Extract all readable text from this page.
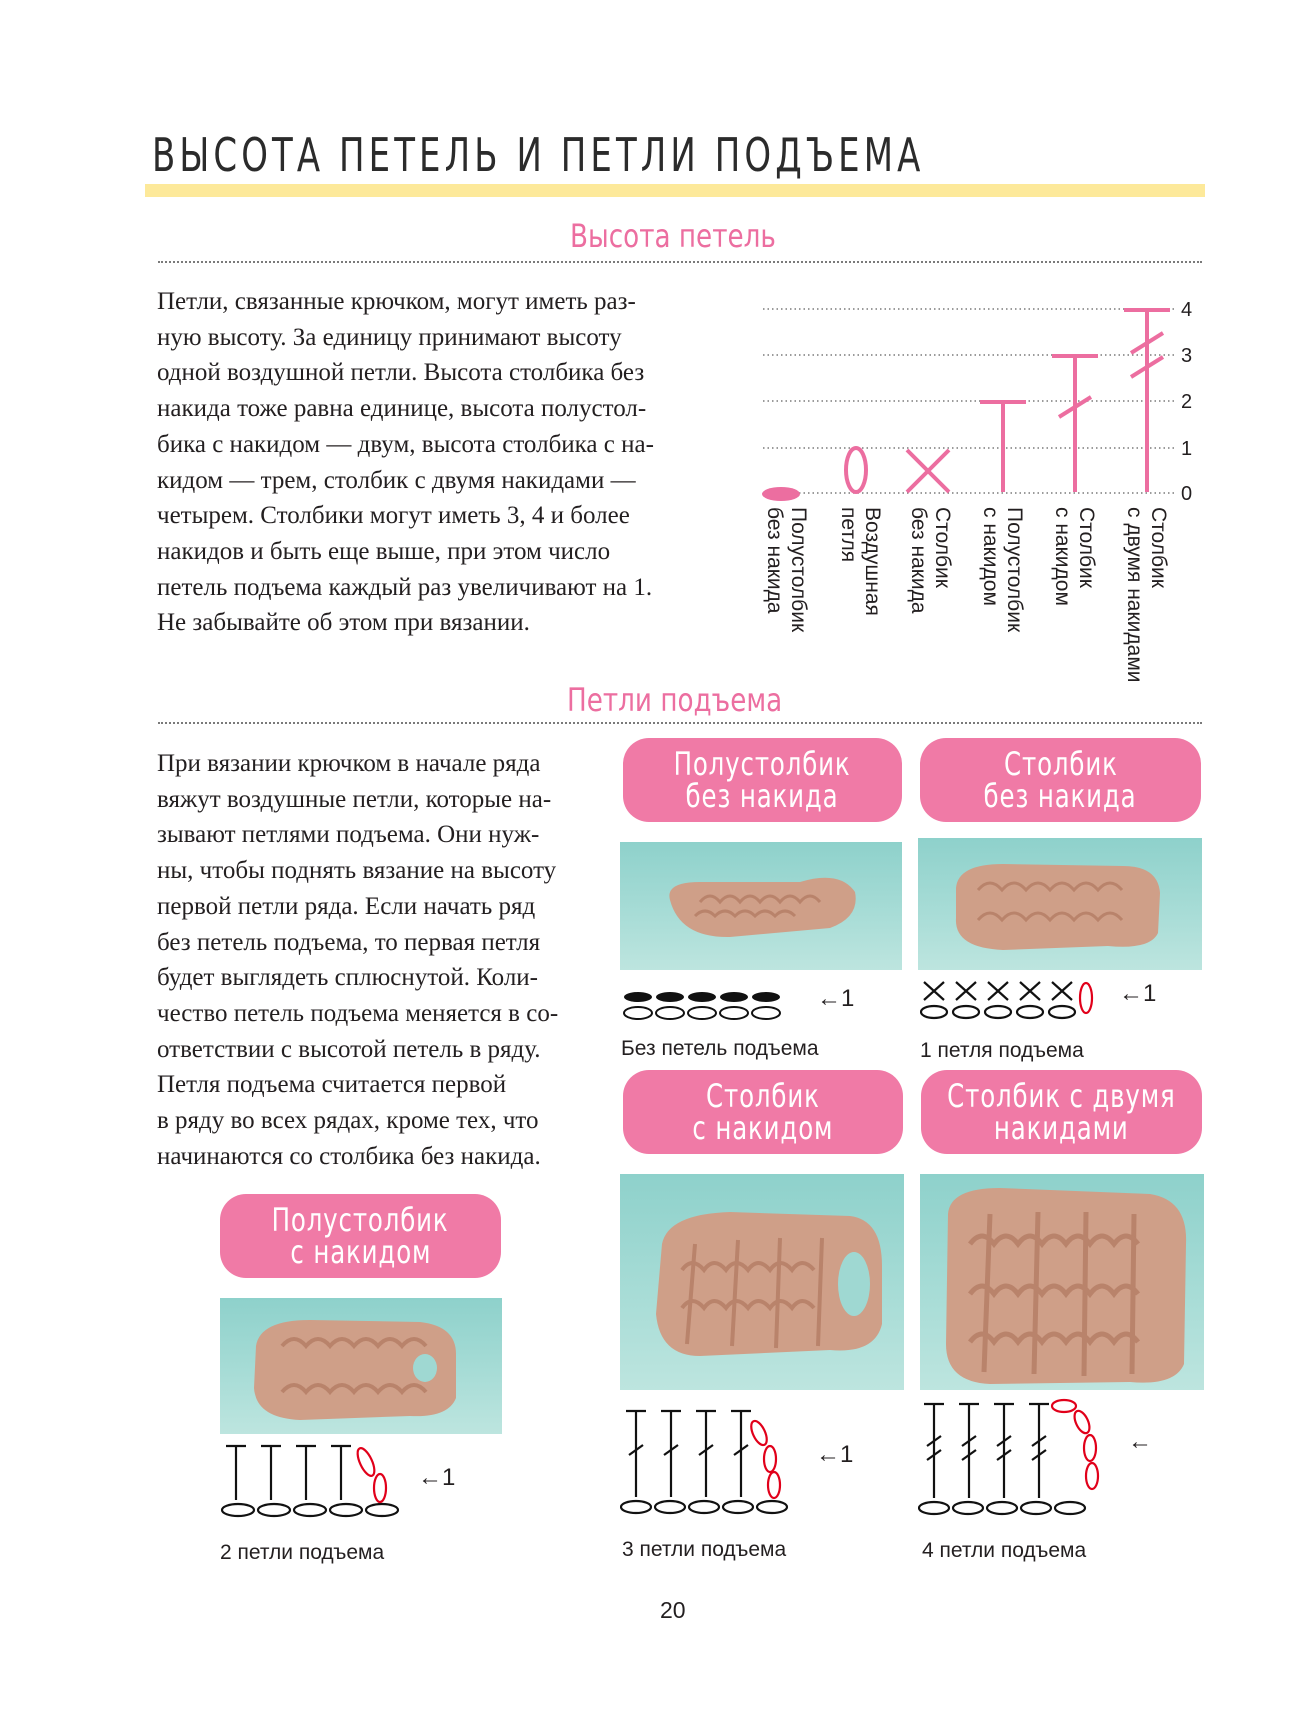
ВЫСОТА ПЕТЕЛЬ И ПЕТЛИ ПОДЪЕМА
Высота петель

Петли, связанные крючком, могут иметь раз-

ную высоту. За единицу принимают высоту

одной воздушной петли. Высота столбика без

накида тоже равна единице, высота полустол-

бика с накидом — двум, высота столбика с на-

кидом — трем, столбик с двумя накидами —

четырем. Столбики могут иметь 3, 4 и более

накидов и быть еще выше, при этом число

петель подъема каждый раз увеличивают на 1.

Не забывайте об этом при вязании.

0
1
2
3
4
Полустолбик
без накида	Воздушная
петля	Столбик
без накида	Полустолбик
с накидом	Столбик
с накидом	Столбик
с двумя накидами
Петли подъема

При вязании крючком в начале ряда

вяжут воздушные петли, которые на-

зывают петлями подъема. Они нуж-

ны, чтобы поднять вязание на высоту

первой петли ряда. Если начать ряд

без петель подъема, то первая петля

будет выглядеть сплюснутой. Коли-

чество петель подъема меняется в со-

ответствии с высотой петель в ряду.

Петля подъема считается первой

в ряду во всех рядах, кроме тех, что

начинаются со столбика без накида.

Полустолбик
без накида
←1

Без петель подъема

Столбик
без накида
←1

1 петля подъема

Столбик
с накидом
←1

3 петли подъема

Столбик с двумя
накидами
←

4 петли подъема

Полустолбик
с накидом
←1

2 петли подъема

20
